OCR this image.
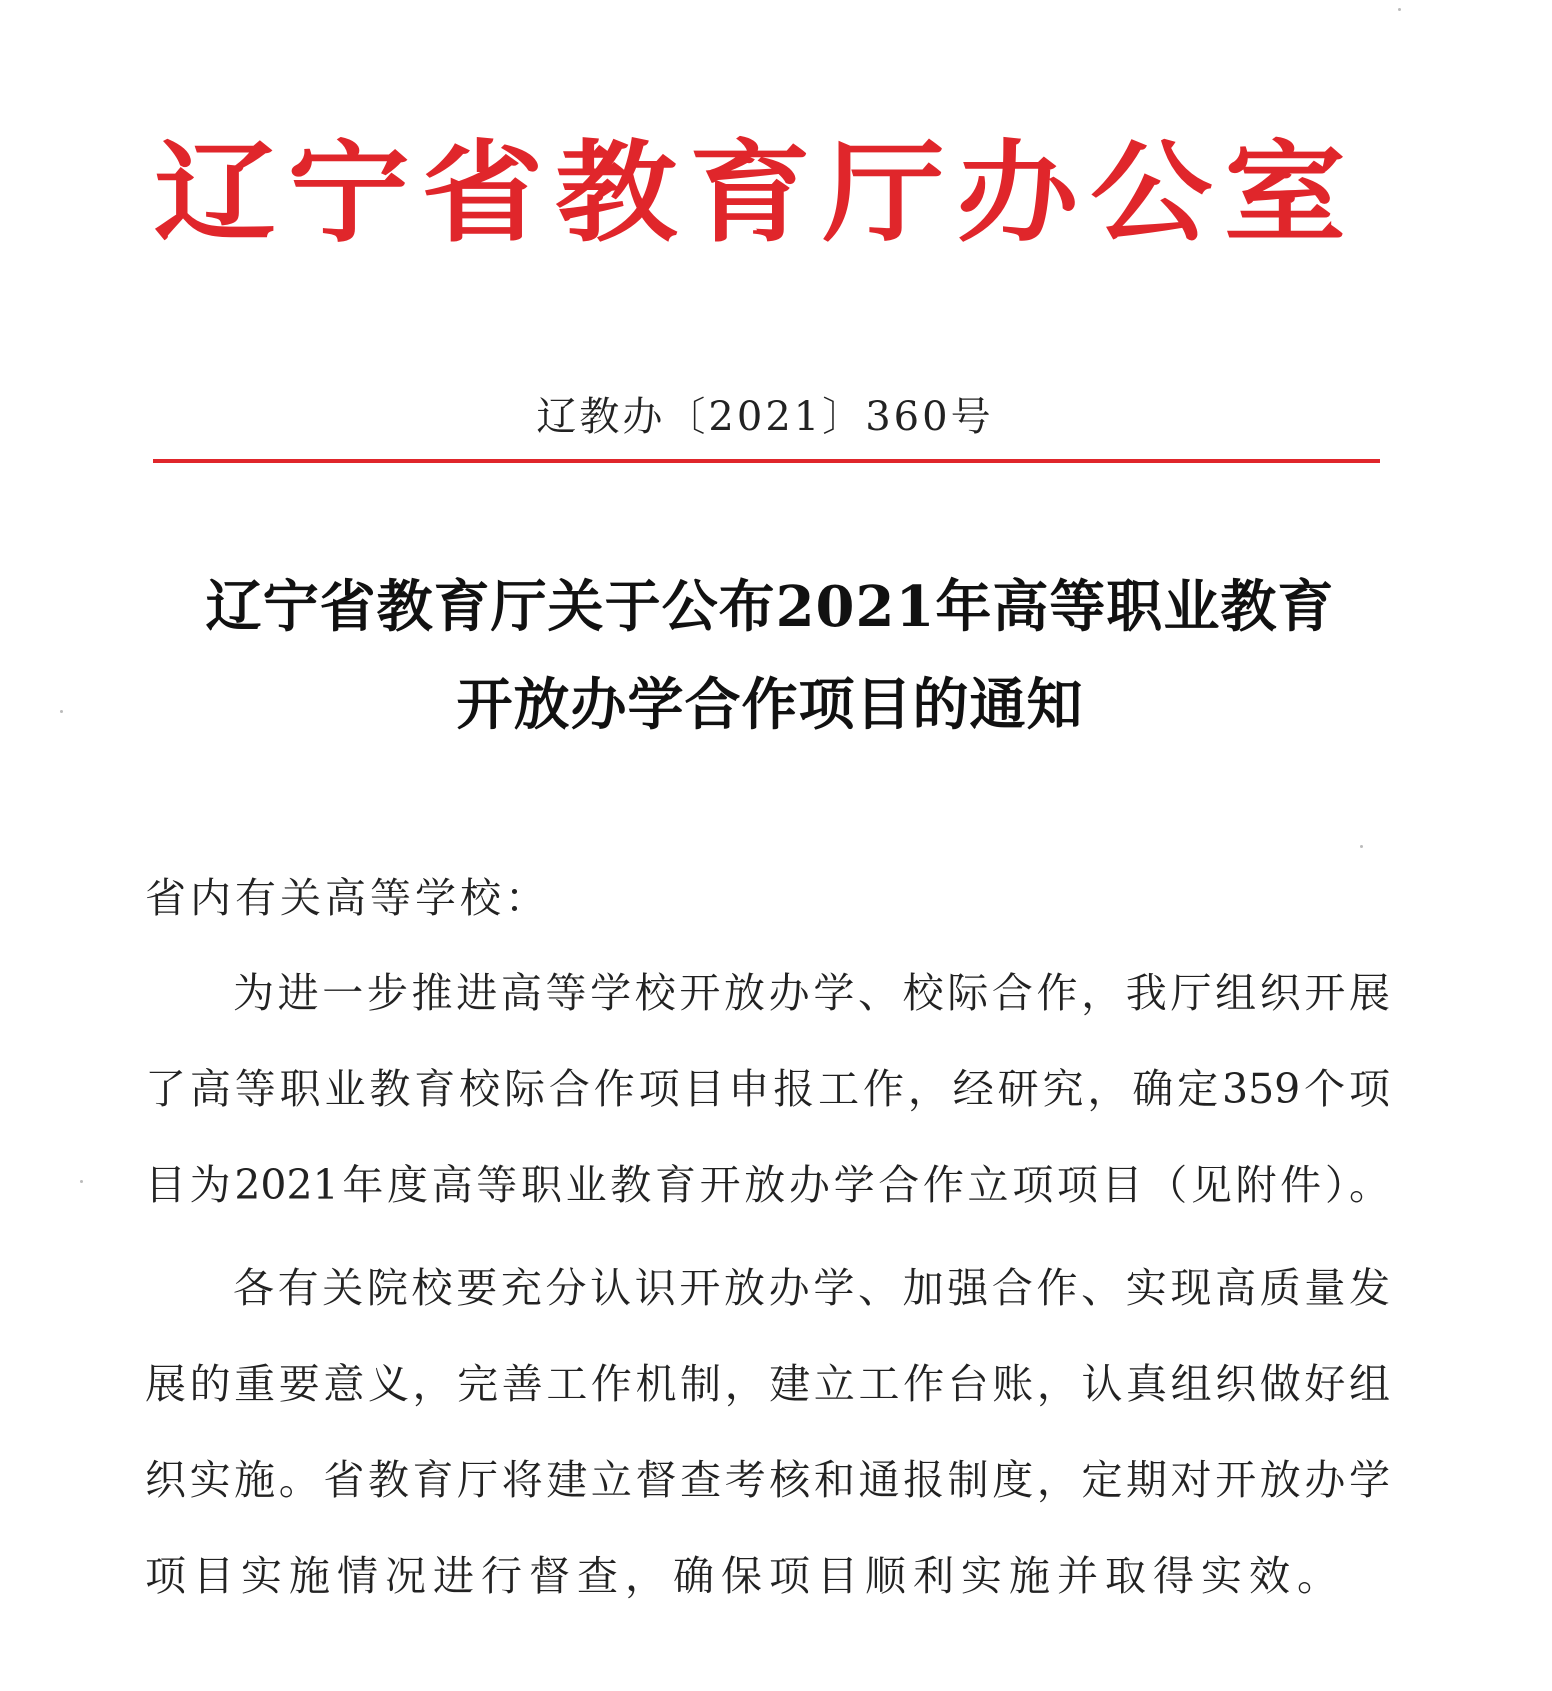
辽 宁 省 教 育 厅 办 公 室
辽教办〔2021〕360号
辽宁省教育厅关于公布2021年高等职业教育
开放办学合作项目的通知
省内有关高等学校：
为进一步推进高等学校开放办学、校际合作，我厅组织开展
了高等职业教育校际合作项目申报工作，经研究，确定359个项
目为2021年度高等职业教育开放办学合作立项项目（见附件）。
各有关院校要充分认识开放办学、加强合作、实现高质量发
展的重要意义，完善工作机制，建立工作台账，认真组织做好组
织实施。省教育厅将建立督查考核和通报制度，定期对开放办学
项目实施情况进行督查，确保项目顺利实施并取得实效。
